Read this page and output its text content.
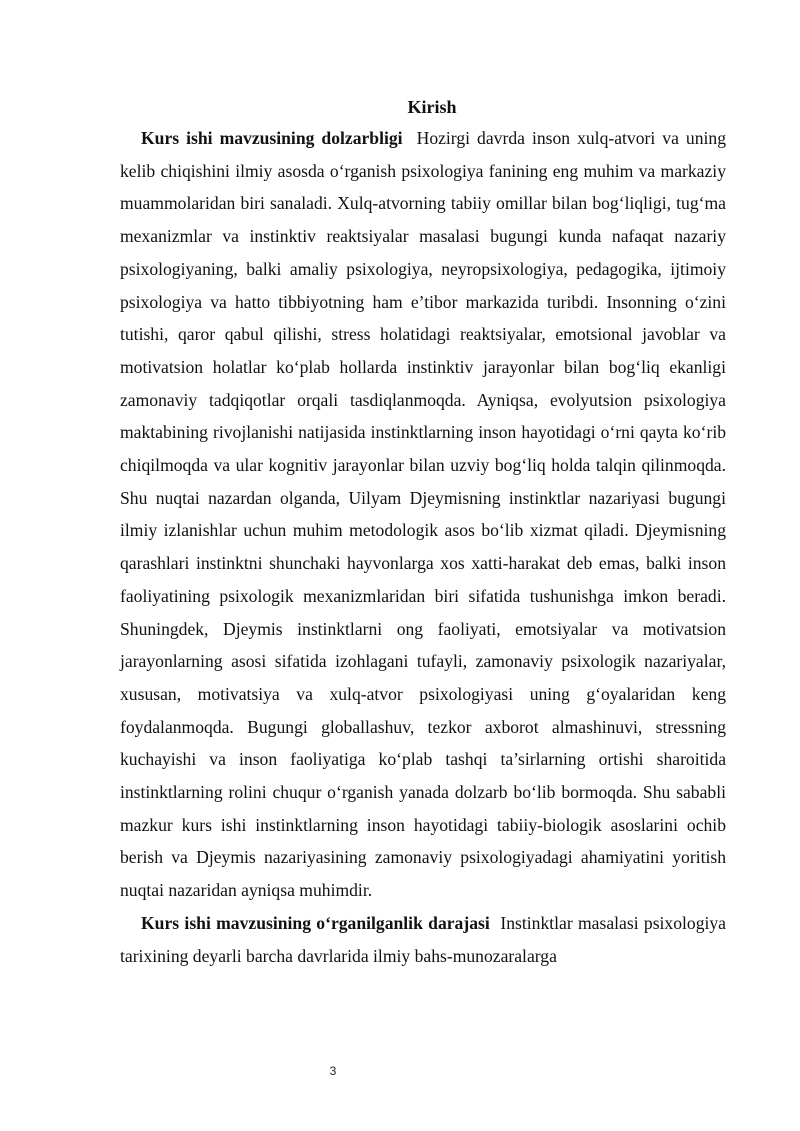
Kirish

Kurs ishi mavzusining dolzarbligi Hozirgi davrda inson xulq-atvori va uning kelib chiqishini ilmiy asosda o‘rganish psixologiya fanining eng muhim va markaziy muammolaridan biri sanaladi. Xulq-atvorning tabiiy omillar bilan bog‘liqligi, tug‘ma mexanizmlar va instinktiv reaktsiyalar masalasi bugungi kunda nafaqat nazariy psixologiyaning, balki amaliy psixologiya, neyropsixologiya, pedagogika, ijtimoiy psixologiya va hatto tibbiyotning ham e’tibor markazida turibdi. Insonning o‘zini tutishi, qaror qabul qilishi, stress holatidagi reaktsiyalar, emotsional javoblar va motivatsion holatlar ko‘plab hollarda instinktiv jarayonlar bilan bog‘liq ekanligi zamonaviy tadqiqotlar orqali tasdiqlanmoqda. Ayniqsa, evolyutsion psixologiya maktabining rivojlanishi natijasida instinktlarning inson hayotidagi o‘rni qayta ko‘rib chiqilmoqda va ular kognitiv jarayonlar bilan uzviy bog‘liq holda talqin qilinmoqda. Shu nuqtai nazardan olganda, Uilyam Djeymisning instinktlar nazariyasi bugungi ilmiy izlanishlar uchun muhim metodologik asos bo‘lib xizmat qiladi. Djeymisning qarashlari instinktni shunchaki hayvonlarga xos xatti-harakat deb emas, balki inson faoliyatining psixologik mexanizmlaridan biri sifatida tushunishga imkon beradi. Shuningdek, Djeymis instinktlarni ong faoliyati, emotsiyalar va motivatsion jarayonlarning asosi sifatida izohlagani tufayli, zamonaviy psixologik nazariyalar, xususan, motivatsiya va xulq-atvor psixologiyasi uning g‘oyalaridan keng foydalanmoqda. Bugungi globallashuv, tezkor axborot almashinuvi, stressning kuchayishi va inson faoliyatiga ko‘plab tashqi ta’sirlarning ortishi sharoitida instinktlarning rolini chuqur o‘rganish yanada dolzarb bo‘lib bormoqda. Shu sababli mazkur kurs ishi instinktlarning inson hayotidagi tabiiy-biologik asoslarini ochib berish va Djeymis nazariyasining zamonaviy psixologiyadagi ahamiyatini yoritish nuqtai nazaridan ayniqsa muhimdir.

Kurs ishi mavzusining o‘rganilganlik darajasi Instinktlar masalasi psixologiya tarixining deyarli barcha davrlarida ilmiy bahs-munozaralarga

3
